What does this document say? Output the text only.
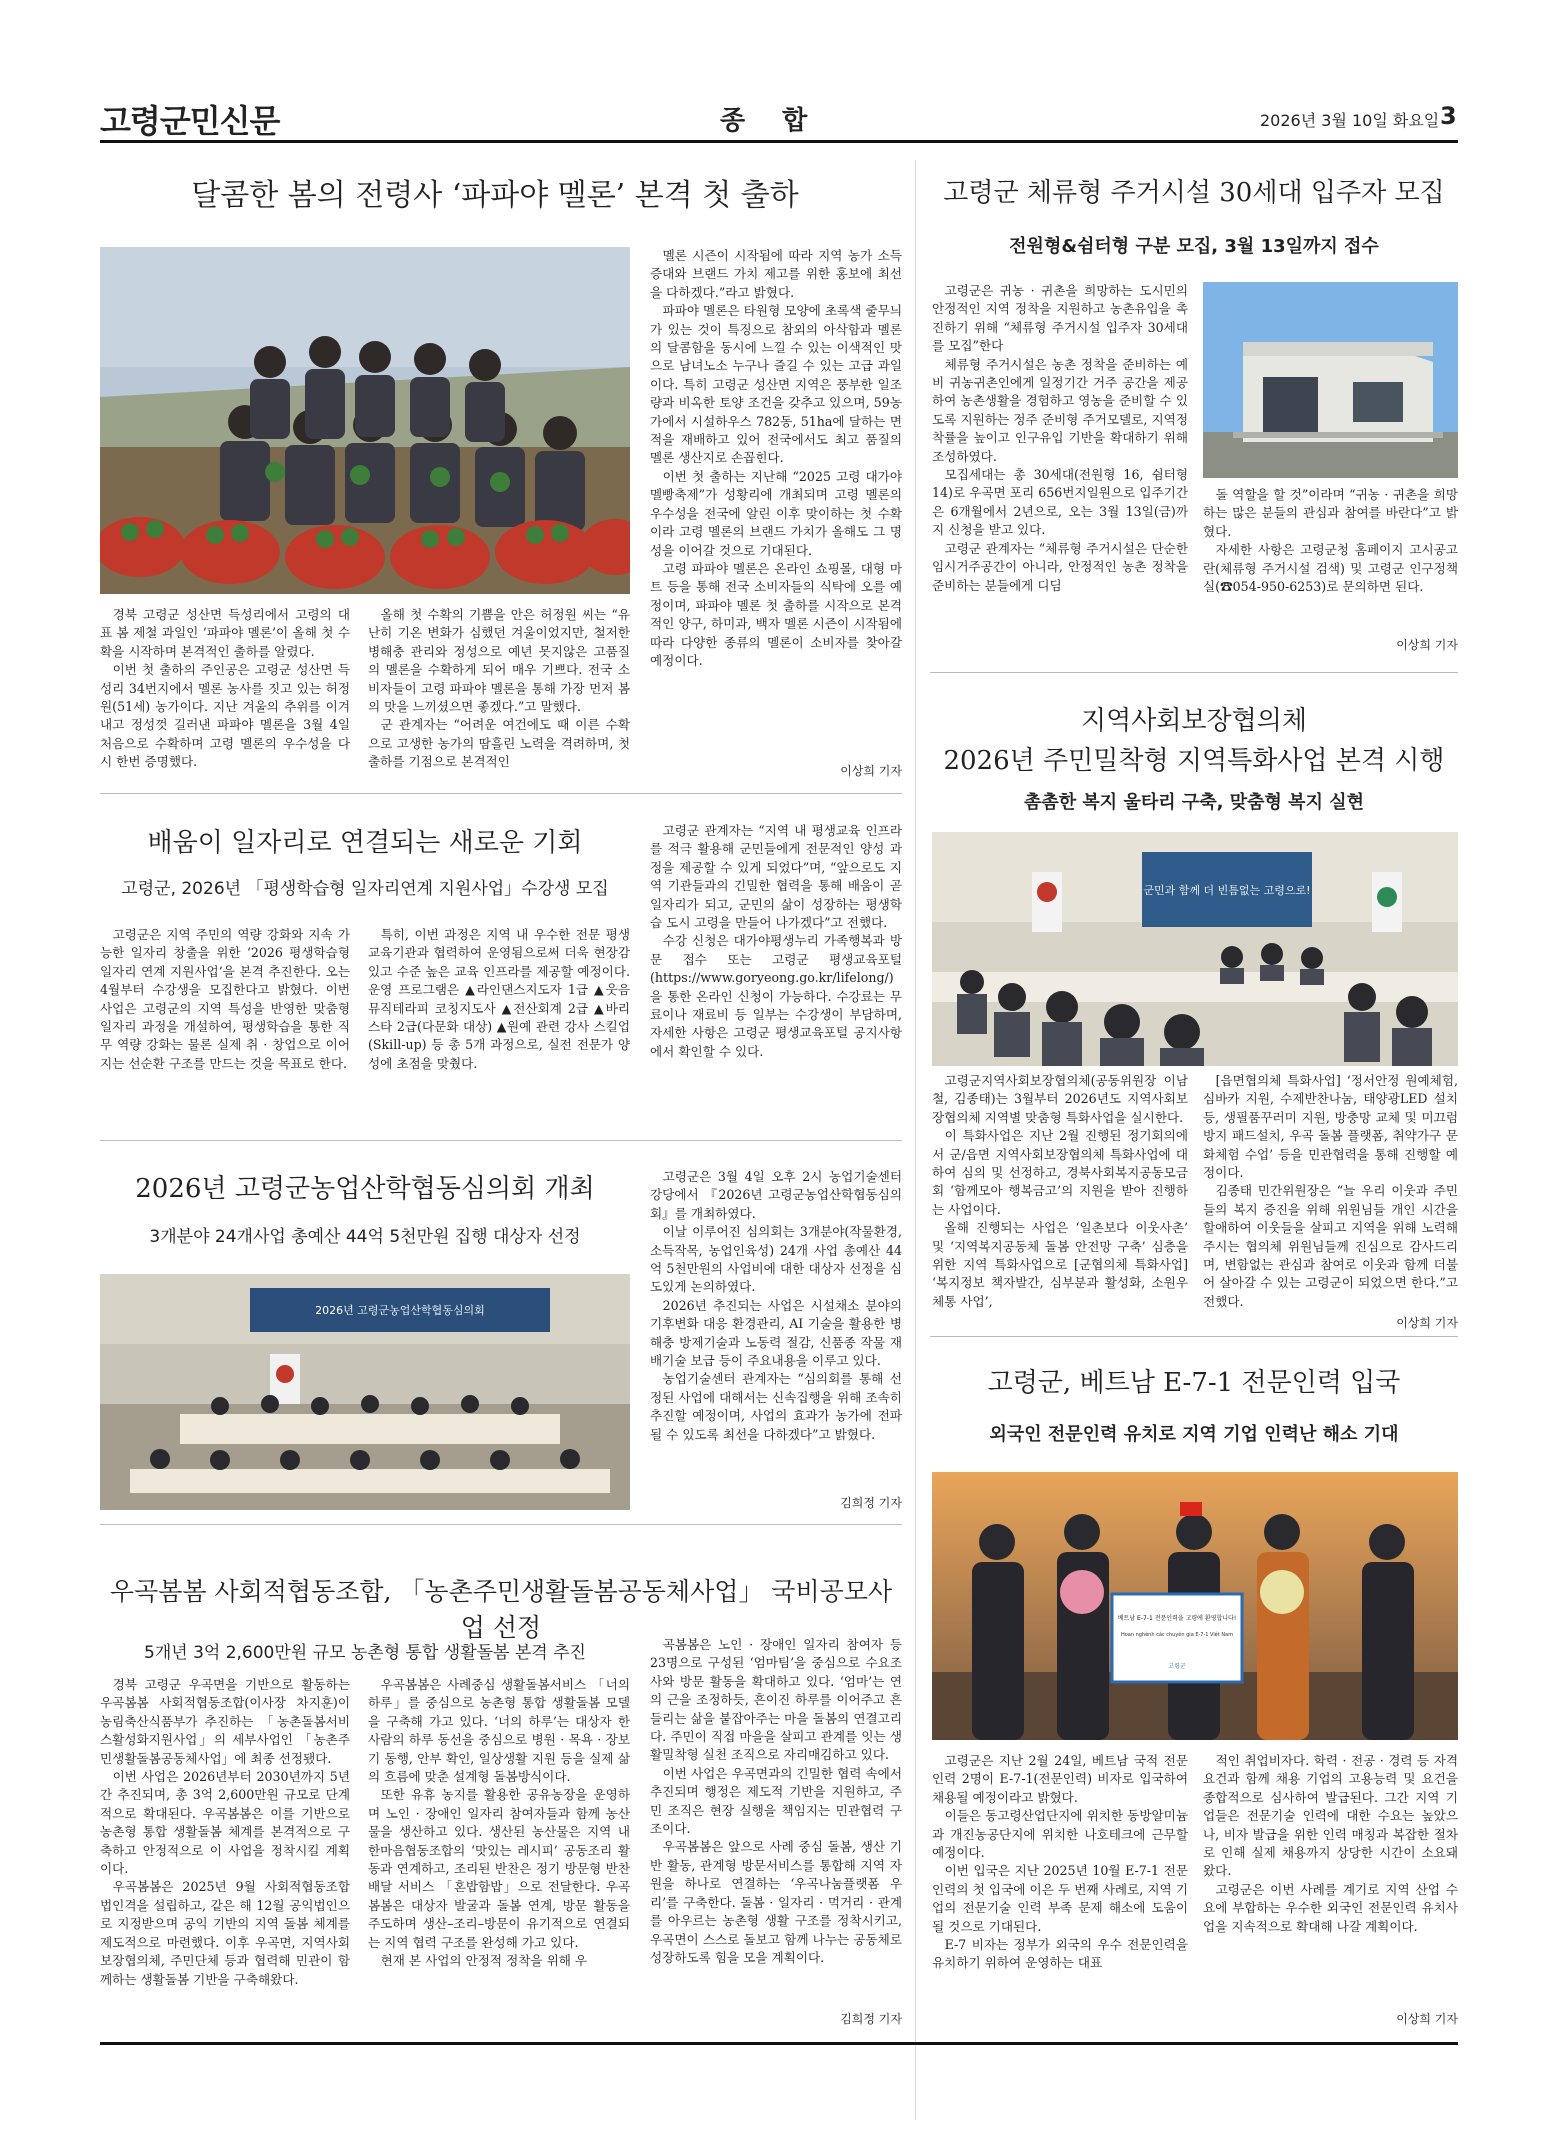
고령군민신문	종 합	2026년 3월 10일 화요일 3
달콤한 봄의 전령사 ‘파파야 멜론’ 본격 첫 출하

경북 고령군 성산면 득성리에서 고령의 대표 봄 제철 과일인 ‘파파야 멜론’이 올해 첫 수확을 시작하며 본격적인 출하를 알렸다.

이번 첫 출하의 주인공은 고령군 성산면 득성리 34번지에서 멜론 농사를 짓고 있는 허정원(51세) 농가이다. 지난 겨울의 추위를 이겨내고 정성껏 길러낸 파파야 멜론을 3월 4일 처음으로 수확하며 고령 멜론의 우수성을 다시 한번 증명했다.

올해 첫 수확의 기쁨을 안은 허정원 씨는 “유난히 기온 변화가 심했던 겨울이었지만, 철저한 병해충 관리와 정성으로 예년 못지않은 고품질의 멜론을 수확하게 되어 매우 기쁘다. 전국 소비자들이 고령 파파야 멜론을 통해 가장 먼저 봄의 맛을 느끼셨으면 좋겠다.”고 말했다.

군 관계자는 “어려운 여건에도 때 이른 수확으로 고생한 농가의 땀흘린 노력을 격려하며, 첫 출하를 기점으로 본격적인

멜론 시즌이 시작됨에 따라 지역 농가 소득 증대와 브랜드 가치 제고를 위한 홍보에 최선을 다하겠다.”라고 밝혔다.

파파야 멜론은 타원형 모양에 초록색 줄무늬가 있는 것이 특징으로 참외의 아삭함과 멜론의 달콤함을 동시에 느낄 수 있는 이색적인 맛으로 남녀노소 누구나 즐길 수 있는 고급 과일이다. 특히 고령군 성산면 지역은 풍부한 일조량과 비옥한 토양 조건을 갖추고 있으며, 59농가에서 시설하우스 782동, 51ha에 달하는 면적을 재배하고 있어 전국에서도 최고 품질의 멜론 생산지로 손꼽힌다.

이번 첫 출하는 지난해 “2025 고령 대가야 멜빵축제”가 성황리에 개최되며 고령 멜론의 우수성을 전국에 알린 이후 맞이하는 첫 수확이라 고령 멜론의 브랜드 가치가 올해도 그 명성을 이어갈 것으로 기대된다.

고령 파파야 멜론은 온라인 쇼핑몰, 대형 마트 등을 통해 전국 소비자들의 식탁에 오를 예정이며, 파파야 멜론 첫 출하를 시작으로 본격적인 양구, 하미과, 백자 멜론 시즌이 시작됨에 따라 다양한 종류의 멜론이 소비자를 찾아갈 예정이다.

이상희 기자
고령군 체류형 주거시설 30세대 입주자 모집
전원형&쉼터형 구분 모집, 3월 13일까지 접수

고령군은 귀농 · 귀촌을 희망하는 도시민의 안정적인 지역 정착을 지원하고 농촌유입을 촉진하기 위해 “체류형 주거시설 입주자 30세대를 모집”한다

체류형 주거시설은 농촌 정착을 준비하는 예비 귀농귀촌인에게 일정기간 거주 공간을 제공하여 농촌생활을 경험하고 영농을 준비할 수 있도록 지원하는 정주 준비형 주거모델로, 지역정착률을 높이고 인구유입 기반을 확대하기 위해 조성하였다.

모집세대는 총 30세대(전원형 16, 쉼터형 14)로 우곡면 포리 656번지일원으로 입주기간은 6개월에서 2년으로, 오는 3월 13일(금)까지 신청을 받고 있다.

고령군 관계자는 “체류형 주거시설은 단순한 임시거주공간이 아니라, 안정적인 농촌 정착을 준비하는 분들에게 디딤

돌 역할을 할 것”이라며 “귀농 · 귀촌을 희망하는 많은 분들의 관심과 참여를 바란다”고 밝혔다.

자세한 사항은 고령군청 홈페이지 고시공고란(체류형 주거시설 검색) 및 고령군 인구정책실(☎054-950-6253)로 문의하면 된다.

이상희 기자
지역사회보장협의체
2026년 주민밀착형 지역특화사업 본격 시행
촘촘한 복지 울타리 구축, 맞춤형 복지 실현
군민과 함께 더 빈틈없는 고령으로!

고령군지역사회보장협의체(공동위원장 이남철, 김종태)는 3월부터 2026년도 지역사회보장협의체 지역별 맞춤형 특화사업을 실시한다.

이 특화사업은 지난 2월 진행된 정기회의에서 군/읍면 지역사회보장협의체 특화사업에 대하여 심의 및 선정하고, 경북사회복지공동모금회 ‘함께모아 행복금고’의 지원을 받아 진행하는 사업이다.

올해 진행되는 사업은 ‘일촌보다 이웃사촌’ 및 ‘지역복지공동체 돌봄 안전망 구축’ 심층을 위한 지역 특화사업으로 [군협의체 특화사업] ‘복지정보 책자발간, 심부분과 활성화, 소원우체통 사업’,

[읍면협의체 특화사업] ‘정서안정 원예체험, 심바카 지원, 수제반찬나눔, 태양광LED 설치등, 생필품꾸러미 지원, 방충망 교체 및 미끄럼방지 패드설치, 우곡 돌봄 플랫폼, 취약가구 문화체험 수업’ 등을 민관협력을 통해 진행할 예정이다.

김종태 민간위원장은 “늘 우리 이웃과 주민들의 복지 증진을 위해 위원님들 개인 시간을 할애하여 이웃들을 살피고 지역을 위해 노력해 주시는 협의체 위원님들께 진심으로 감사드리며, 변함없는 관심과 참여로 이웃과 함께 더불어 살아갈 수 있는 고령군이 되었으면 한다.”고 전했다.

이상희 기자
고령군, 베트남 E-7-1 전문인력 입국
외국인 전문인력 유치로 지역 기업 인력난 해소 기대
베트남 E-7-1 전문인력을 고령에 환영합니다!
Hoan nghênh các chuyên gia E-7-1 Việt Nam
고령군

고령군은 지난 2월 24일, 베트남 국적 전문인력 2명이 E-7-1(전문인력) 비자로 입국하여 채용될 예정이라고 밝혔다.

이들은 동고령산업단지에 위치한 동방알미늄과 개진농공단지에 위치한 나호테크에 근무할 예정이다.

이번 입국은 지난 2025년 10월 E-7-1 전문인력의 첫 입국에 이은 두 번째 사례로, 지역 기업의 전문기술 인력 부족 문제 해소에 도움이 될 것으로 기대된다.

E-7 비자는 정부가 외국의 우수 전문인력을 유치하기 위하여 운영하는 대표

적인 취업비자다. 학력 · 전공 · 경력 등 자격요건과 함께 채용 기업의 고용능력 및 요건을 종합적으로 심사하여 발급된다. 그간 지역 기업들은 전문기술 인력에 대한 수요는 높았으나, 비자 발급을 위한 인력 매칭과 복잡한 절차로 인해 실제 채용까지 상당한 시간이 소요돼 왔다.

고령군은 이번 사례를 계기로 지역 산업 수요에 부합하는 우수한 외국인 전문인력 유치사업을 지속적으로 확대해 나갈 계획이다.

이상희 기자
배움이 일자리로 연결되는 새로운 기회
고령군, 2026년 「평생학습형 일자리연계 지원사업」수강생 모집

고령군은 지역 주민의 역량 강화와 지속 가능한 일자리 창출을 위한 ‘2026 평생학습형 일자리 연계 지원사업’을 본격 추진한다. 오는 4월부터 수강생을 모집한다고 밝혔다. 이번 사업은 고령군의 지역 특성을 반영한 맞춤형 일자리 과정을 개설하여, 평생학습을 통한 직무 역량 강화는 물론 실제 취 · 창업으로 이어지는 선순환 구조를 만드는 것을 목표로 한다.

특히, 이번 과정은 지역 내 우수한 전문 평생교육기관과 협력하여 운영됨으로써 더욱 현장감 있고 수준 높은 교육 인프라를 제공할 예정이다. 운영 프로그램은 ▲라인댄스지도자 1급 ▲웃음뮤직테라피 코칭지도사 ▲전산회계 2급 ▲바리스타 2급(다문화 대상) ▲원예 관련 강사 스킬업(Skill-up) 등 총 5개 과정으로, 실전 전문가 양성에 초점을 맞췄다.

고령군 관계자는 “지역 내 평생교육 인프라를 적극 활용해 군민들에게 전문적인 양성 과정을 제공할 수 있게 되었다”며, “앞으로도 지역 기관들과의 긴밀한 협력을 통해 배움이 곧 일자리가 되고, 군민의 삶이 성장하는 평생학습 도시 고령을 만들어 나가겠다”고 전했다.

수강 신청은 대가야평생누리 가족행복과 방문 접수 또는 고령군 평생교육포털(https://www.goryeong.go.kr/lifelong/)을 통한 온라인 신청이 가능하다. 수강료는 무료이나 재료비 등 일부는 수강생이 부담하며, 자세한 사항은 고령군 평생교육포털 공지사항에서 확인할 수 있다.

2026년 고령군농업산학협동심의회 개최
3개분야 24개사업 총예산 44억 5천만원 집행 대상자 선정
2026년 고령군농업산학협동심의회

고령군은 3월 4일 오후 2시 농업기술센터 강당에서 『2026년 고령군농업산학협동심의회』를 개최하였다.

이날 이루어진 심의회는 3개분야(작물환경, 소득작목, 농업인육성) 24개 사업 총예산 44억 5천만원의 사업비에 대한 대상자 선정을 심도있게 논의하였다.

2026년 추진되는 사업은 시설채소 분야의 기후변화 대응 환경관리, AI 기술을 활용한 병해충 방제기술과 노동력 절감, 신품종 작물 재배기술 보급 등이 주요내용을 이루고 있다.

농업기술센터 관계자는 “심의회를 통해 선정된 사업에 대해서는 신속집행을 위해 조속히 추진할 예정이며, 사업의 효과가 농가에 전파 될 수 있도록 최선을 다하겠다”고 밝혔다.

김희정 기자
우곡봄봄 사회적협동조합, 「농촌주민생활돌봄공동체사업」 국비공모사업 선정
5개년 3억 2,600만원 규모 농촌형 통합 생활돌봄 본격 추진

경북 고령군 우곡면을 기반으로 활동하는 우곡봄봄 사회적협동조합(이사장 차지훈)이 농림축산식품부가 추진하는 「농촌돌봄서비스활성화지원사업」의 세부사업인 「농촌주민생활돌봄공동체사업」에 최종 선정됐다.

이번 사업은 2026년부터 2030년까지 5년간 추진되며, 총 3억 2,600만원 규모로 단계적으로 확대된다. 우곡봄봄은 이를 기반으로 농촌형 통합 생활돌봄 체계를 본격적으로 구축하고 안정적으로 이 사업을 정착시킬 계획이다.

우곡봄봄은 2025년 9월 사회적협동조합 법인격을 설립하고, 같은 해 12월 공익법인으로 지정받으며 공익 기반의 지역 돌봄 체계를 제도적으로 마련했다. 이후 우곡면, 지역사회보장협의체, 주민단체 등과 협력해 민관이 함께하는 생활돌봄 기반을 구축해왔다.

우곡봄봄은 사례중심 생활돌봄서비스 「너의 하루」를 중심으로 농촌형 통합 생활돌봄 모델을 구축해 가고 있다. ‘너의 하루’는 대상자 한 사람의 하루 동선을 중심으로 병원 · 목욕 · 장보기 동행, 안부 확인, 일상생활 지원 등을 실제 삶의 흐름에 맞춘 설계형 돌봄방식이다.

또한 유휴 농지를 활용한 공유농장을 운영하며 노인 · 장애인 일자리 참여자들과 함께 농산물을 생산하고 있다. 생산된 농산물은 지역 내 한마음협동조합의 ‘맛있는 레시피’ 공동조리 활동과 연계하고, 조리된 반찬은 정기 방문형 반찬배달 서비스 「혼밥함밥」으로 전달한다. 우곡봄봄은 대상자 발굴과 돌봄 연계, 방문 활동을 주도하며 생산–조리–방문이 유기적으로 연결되는 지역 협력 구조를 완성해 가고 있다.

현재 본 사업의 안정적 정착을 위해 우

곡봄봄은 노인 · 장애인 일자리 참여자 등 23명으로 구성된 ‘엄마팀’을 중심으로 수요조사와 방문 활동을 확대하고 있다. ‘엄마’는 연의 근을 조정하듯, 흔이진 하루를 이어주고 흔들리는 삶을 붙잡아주는 마을 돌봄의 연결고리다. 주민이 직접 마을을 살피고 관계를 잇는 생활밀착형 실천 조직으로 자리매김하고 있다.

이번 사업은 우곡면과의 긴밀한 협력 속에서 추진되며 행정은 제도적 기반을 지원하고, 주민 조직은 현장 실행을 책임지는 민관협력 구조이다.

우곡봄봄은 앞으로 사례 중심 돌봄, 생산 기반 활동, 관계형 방문서비스를 통합해 지역 자원을 하나로 연결하는 ‘우곡나눔플랫폼 우리’를 구축한다. 돌봄 · 일자리 · 먹거리 · 관계를 아우르는 농촌형 생활 구조를 정착시키고, 우곡면이 스스로 돌보고 함께 나누는 공동체로 성장하도록 힘을 모을 계획이다.

김희정 기자
